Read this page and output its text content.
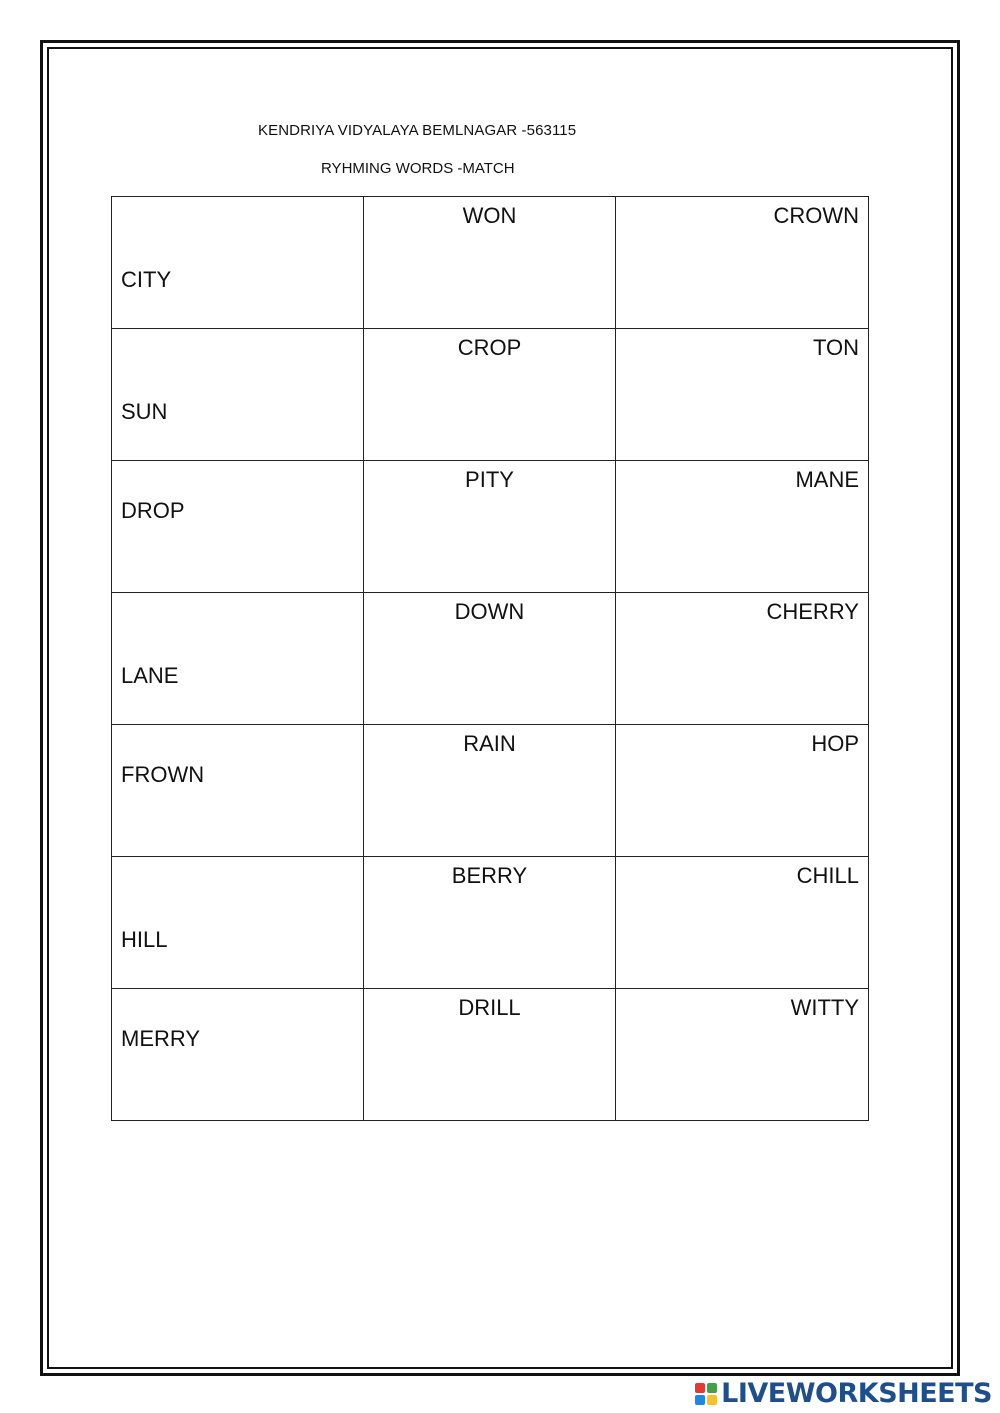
KENDRIYA VIDYALAYA BEMLNAGAR -563115
RYHMING WORDS -MATCH
CITY	WON	CROWN

SUN	CROP	TON

DROP	PITY	MANE

LANE	DOWN	CHERRY

FROWN	RAIN	HOP

HILL	BERRY	CHILL

MERRY	DRILL	WITTY
LIVEWORKSHEETS
